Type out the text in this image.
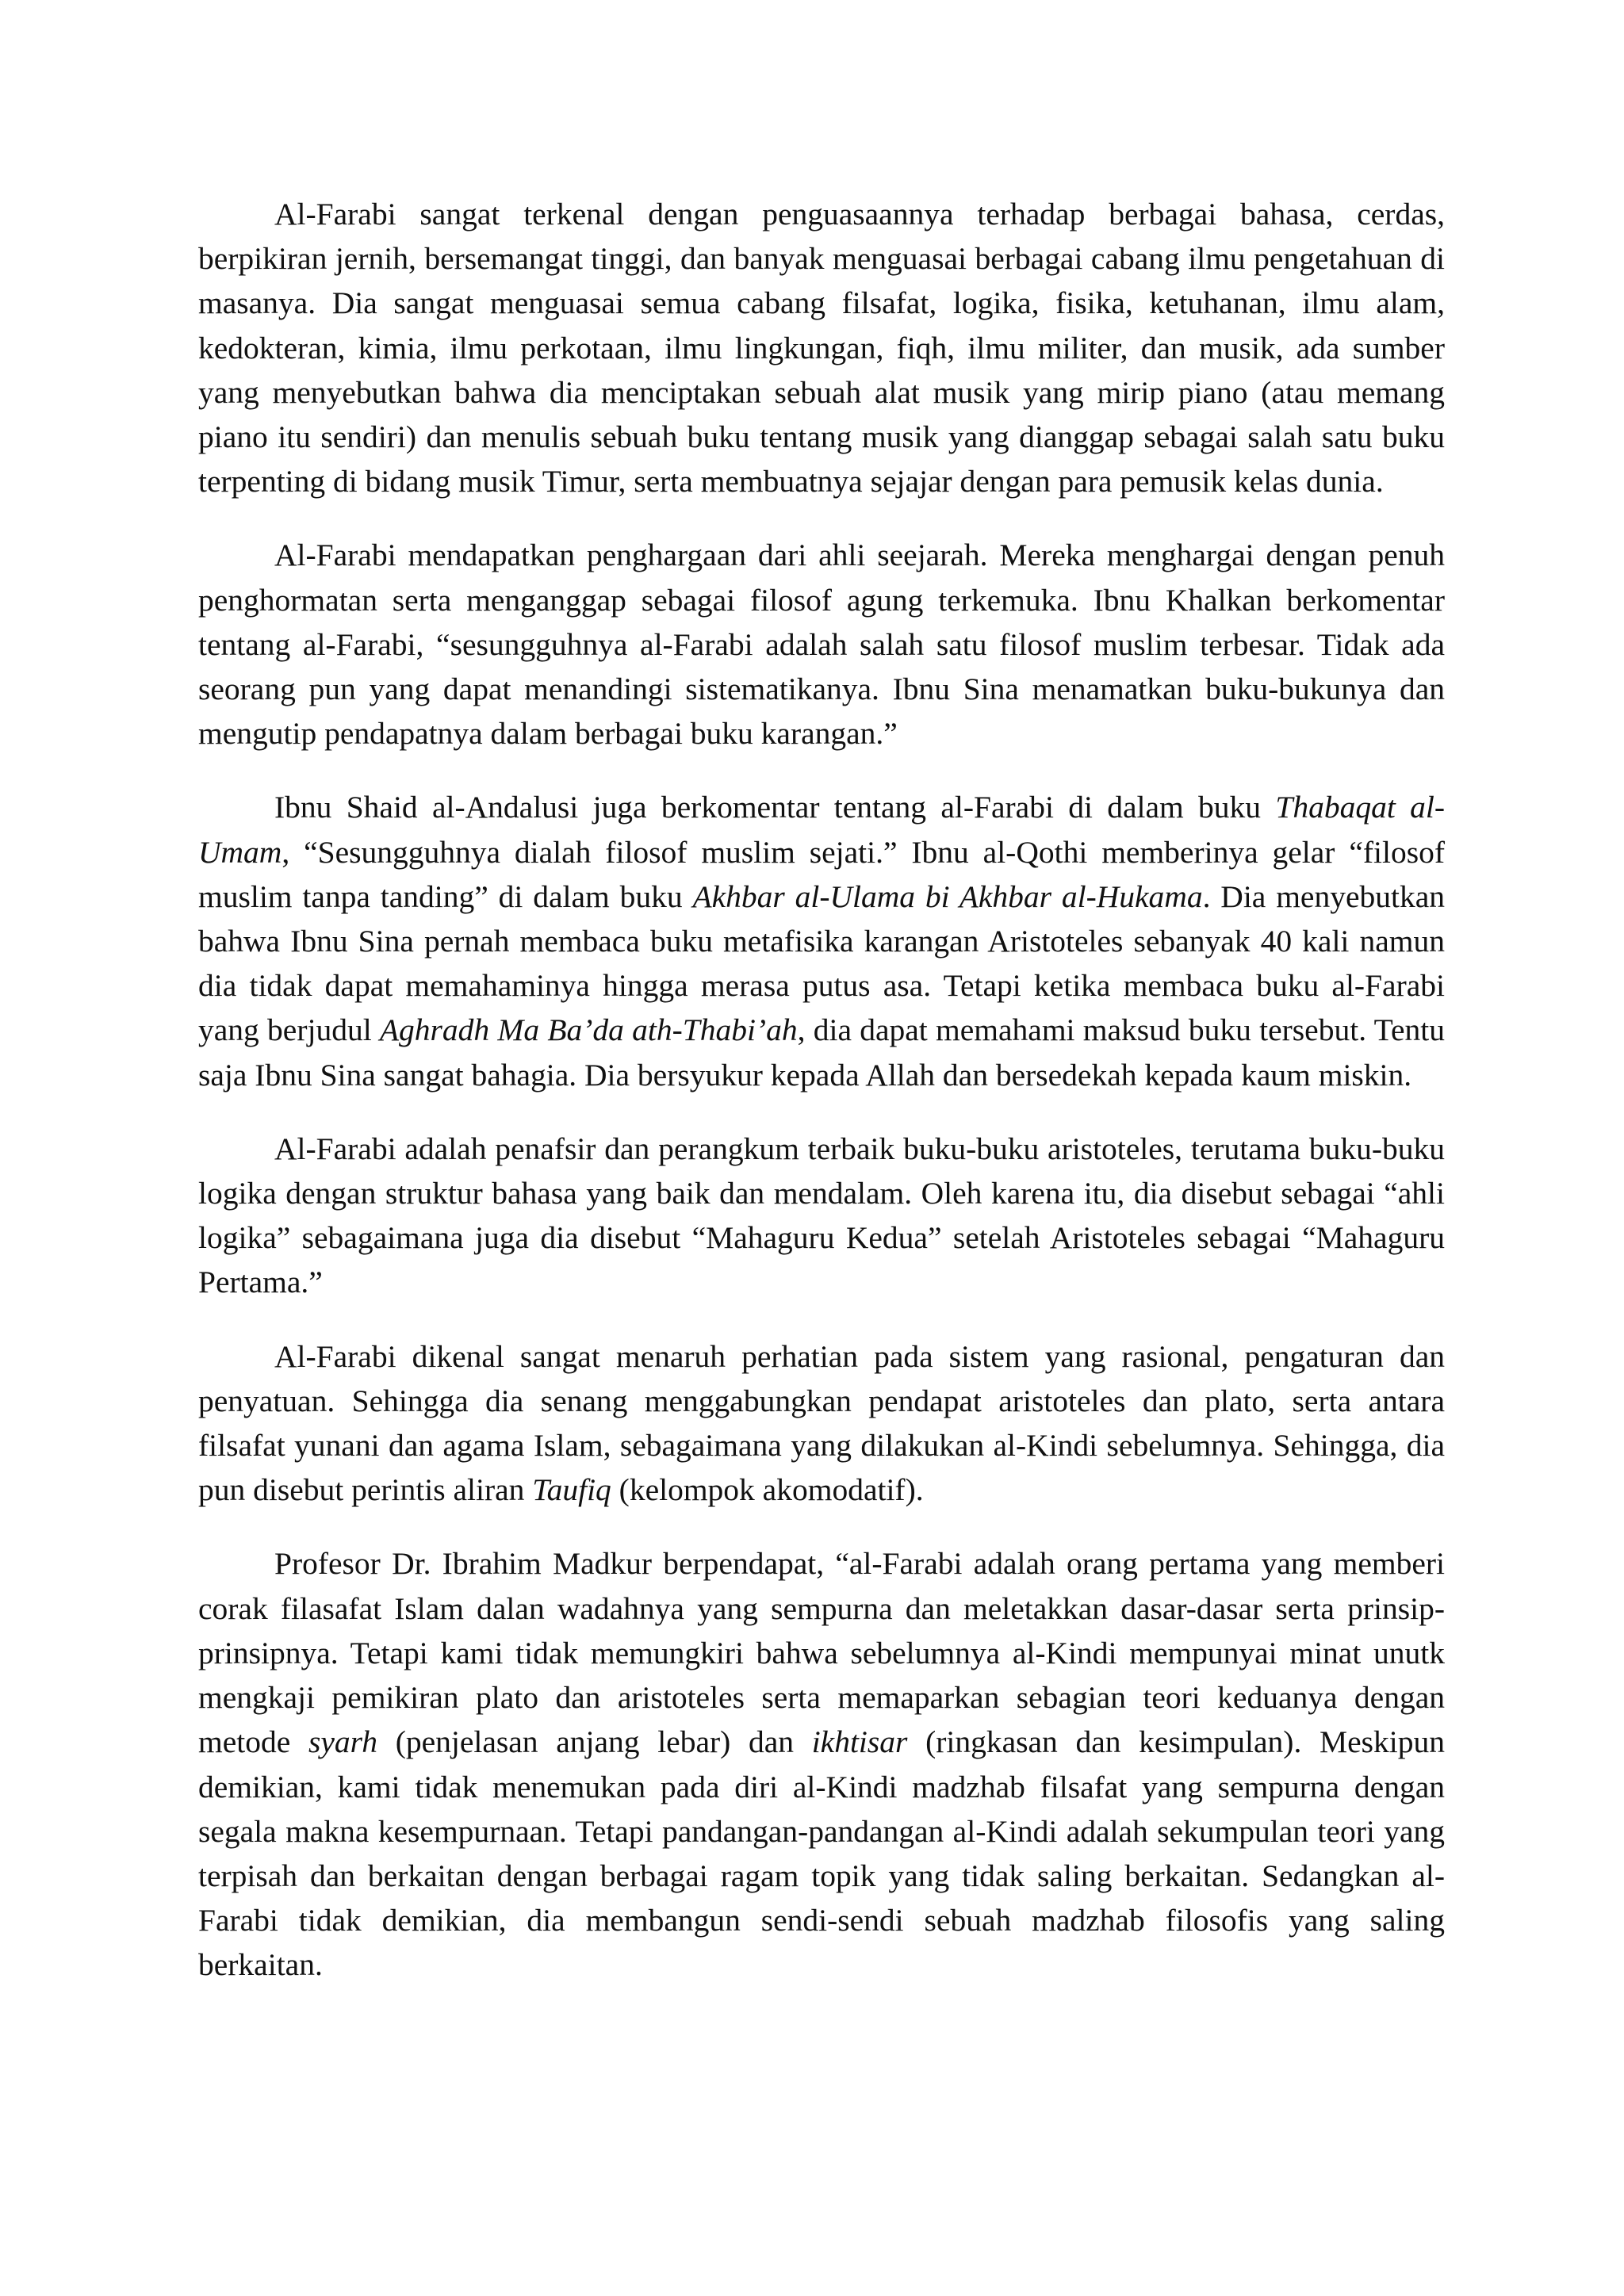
Al-Farabi sangat terkenal dengan penguasaannya terhadap berbagai bahasa, cerdas, berpikiran jernih, bersemangat tinggi, dan banyak menguasai berbagai cabang ilmu pengetahuan di masanya. Dia sangat menguasai semua cabang filsafat, logika, fisika, ketuhanan, ilmu alam, kedokteran, kimia, ilmu perkotaan, ilmu lingkungan, fiqh, ilmu militer, dan musik, ada sumber yang menyebutkan bahwa dia menciptakan sebuah alat musik yang mirip piano (atau memang piano itu sendiri) dan menulis sebuah buku tentang musik yang dianggap sebagai salah satu buku terpenting di bidang musik Timur, serta membuatnya sejajar dengan para pemusik kelas dunia.

Al-Farabi mendapatkan penghargaan dari ahli seejarah. Mereka menghargai dengan penuh penghormatan serta menganggap sebagai filosof agung terkemuka. Ibnu Khalkan berkomentar tentang al-Farabi, “sesungguhnya al-Farabi adalah salah satu filosof muslim terbesar. Tidak ada seorang pun yang dapat menandingi sistematikanya. Ibnu Sina menamatkan buku-bukunya dan mengutip pendapatnya dalam berbagai buku karangan.”

Ibnu Shaid al-Andalusi juga berkomentar tentang al-Farabi di dalam buku Thabaqat al-Umam, “Sesungguhnya dialah filosof muslim sejati.” Ibnu al-Qothi memberinya gelar “filosof muslim tanpa tanding” di dalam buku Akhbar al-Ulama bi Akhbar al-Hukama. Dia menyebutkan bahwa Ibnu Sina pernah membaca buku metafisika karangan Aristoteles sebanyak 40 kali namun dia tidak dapat memahaminya hingga merasa putus asa. Tetapi ketika membaca buku al-Farabi yang berjudul Aghradh Ma Ba’da ath-Thabi’ah, dia dapat memahami maksud buku tersebut. Tentu saja Ibnu Sina sangat bahagia. Dia bersyukur kepada Allah dan bersedekah kepada kaum miskin.

Al-Farabi adalah penafsir dan perangkum terbaik buku-buku aristoteles, terutama buku-buku logika dengan struktur bahasa yang baik dan mendalam. Oleh karena itu, dia disebut sebagai “ahli logika” sebagaimana juga dia disebut “Mahaguru Kedua” setelah Aristoteles sebagai “Mahaguru Pertama.”

Al-Farabi dikenal sangat menaruh perhatian pada sistem yang rasional, pengaturan dan penyatuan. Sehingga dia senang menggabungkan pendapat aristoteles dan plato, serta antara filsafat yunani dan agama Islam, sebagaimana yang dilakukan al-Kindi sebelumnya. Sehingga, dia pun disebut perintis aliran Taufiq (kelompok akomodatif).

Profesor Dr. Ibrahim Madkur berpendapat, “al-Farabi adalah orang pertama yang memberi corak filasafat Islam dalan wadahnya yang sempurna dan meletakkan dasar-dasar serta prinsip-prinsipnya. Tetapi kami tidak memungkiri bahwa sebelumnya al-Kindi mempunyai minat unutk mengkaji pemikiran plato dan aristoteles serta memaparkan sebagian teori keduanya dengan metode syarh (penjelasan anjang lebar) dan ikhtisar (ringkasan dan kesimpulan). Meskipun demikian, kami tidak menemukan pada diri al-Kindi madzhab filsafat yang sempurna dengan segala makna kesempurnaan. Tetapi pandangan-pandangan al-Kindi adalah sekumpulan teori yang terpisah dan berkaitan dengan berbagai ragam topik yang tidak saling berkaitan. Sedangkan al-Farabi tidak demikian, dia membangun sendi-sendi sebuah madzhab filosofis yang saling berkaitan.
